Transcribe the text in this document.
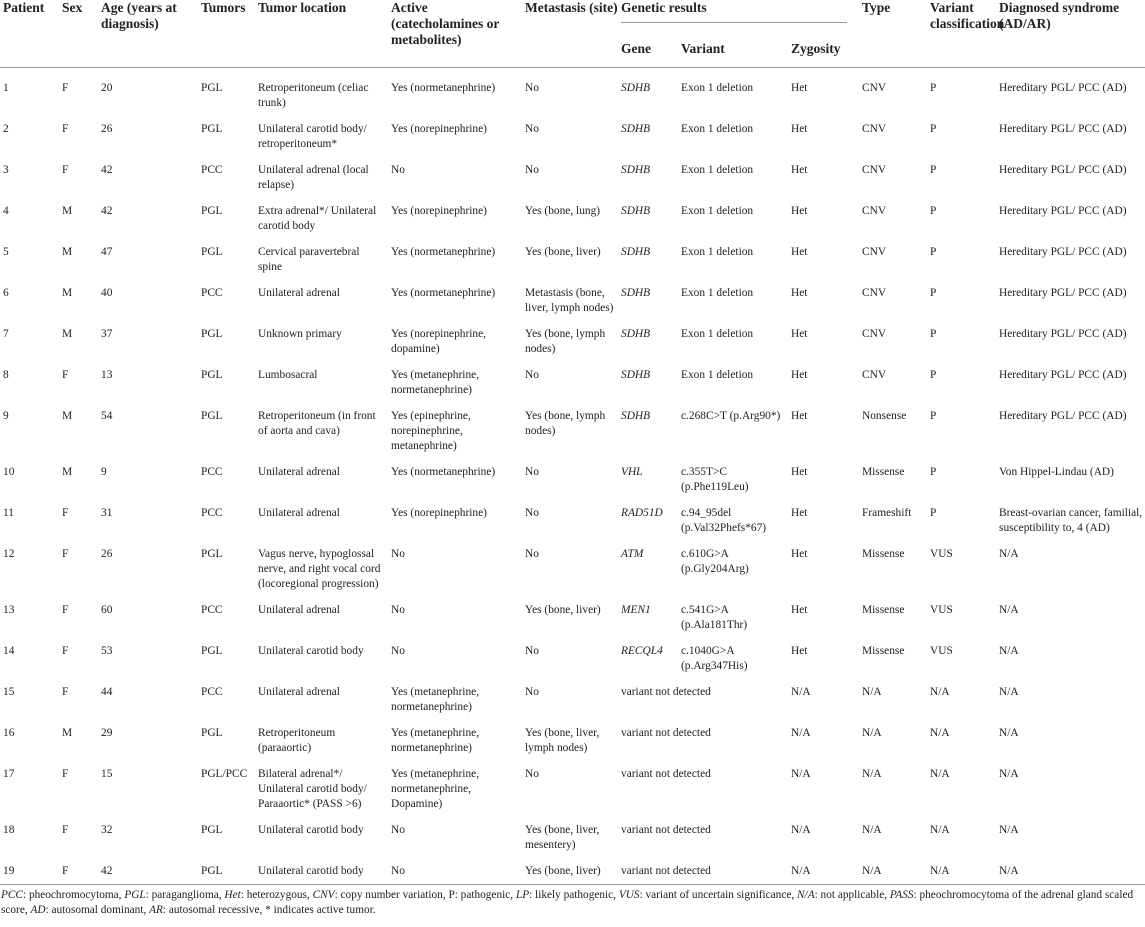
Patient	Sex	Age (years at diagnosis)	Tumors	Tumor location	Active (catecholamines or metabolites)	Metastasis (site)	Genetic results			Type	Variant classification	Diagnosed syndrome (AD/AR)
							Gene	Variant	Zygosity			
1	F	20	PGL	Retroperitoneum (celiac trunk)	Yes (normetanephrine)	No	SDHB	Exon 1 deletion	Het	CNV	P	Hereditary PGL/ PCC (AD)
2	F	26	PGL	Unilateral carotid body/ retroperitoneum*	Yes (norepinephrine)	No	SDHB	Exon 1 deletion	Het	CNV	P	Hereditary PGL/ PCC (AD)
3	F	42	PCC	Unilateral adrenal (local relapse)	No	No	SDHB	Exon 1 deletion	Het	CNV	P	Hereditary PGL/ PCC (AD)
4	M	42	PGL	Extra adrenal*/ Unilateral carotid body	Yes (norepinephrine)	Yes (bone, lung)	SDHB	Exon 1 deletion	Het	CNV	P	Hereditary PGL/ PCC (AD)
5	M	47	PGL	Cervical paravertebral spine	Yes (normetanephrine)	Yes (bone, liver)	SDHB	Exon 1 deletion	Het	CNV	P	Hereditary PGL/ PCC (AD)
6	M	40	PCC	Unilateral adrenal	Yes (normetanephrine)	Metastasis (bone, liver, lymph nodes)	SDHB	Exon 1 deletion	Het	CNV	P	Hereditary PGL/ PCC (AD)
7	M	37	PGL	Unknown primary	Yes (norepinephrine, dopamine)	Yes (bone, lymph nodes)	SDHB	Exon 1 deletion	Het	CNV	P	Hereditary PGL/ PCC (AD)
8	F	13	PGL	Lumbosacral	Yes (metanephrine, normetanephrine)	No	SDHB	Exon 1 deletion	Het	CNV	P	Hereditary PGL/ PCC (AD)
9	M	54	PGL	Retroperitoneum (in front of aorta and cava)	Yes (epinephrine, norepinephrine, metanephrine)	Yes (bone, lymph nodes)	SDHB	c.268C>T (p.Arg90*)	Het	Nonsense	P	Hereditary PGL/ PCC (AD)
10	M	9	PCC	Unilateral adrenal	Yes (normetanephrine)	No	VHL	c.355T>C (p.Phe119Leu)	Het	Missense	P	Von Hippel-Lindau (AD)
11	F	31	PCC	Unilateral adrenal	Yes (norepinephrine)	No	RAD51D	c.94_95del (p.Val32Phefs*67)	Het	Frameshift	P	Breast-ovarian cancer, familial, susceptibility to, 4 (AD)
12	F	26	PGL	Vagus nerve, hypoglossal nerve, and right vocal cord (locoregional progression)	No	No	ATM	c.610G>A (p.Gly204Arg)	Het	Missense	VUS	N/A
13	F	60	PCC	Unilateral adrenal	No	Yes (bone, liver)	MEN1	c.541G>A (p.Ala181Thr)	Het	Missense	VUS	N/A
14	F	53	PGL	Unilateral carotid body	No	No	RECQL4	c.1040G>A (p.Arg347His)	Het	Missense	VUS	N/A
15	F	44	PCC	Unilateral adrenal	Yes (metanephrine, normetanephrine)	No	variant not detected		N/A	N/A	N/A	N/A
16	M	29	PGL	Retroperitoneum (paraaortic)	Yes (metanephrine, normetanephrine)	Yes (bone, liver, lymph nodes)	variant not detected		N/A	N/A	N/A	N/A
17	F	15	PGL/PCC	Bilateral adrenal*/ Unilateral carotid body/ Paraaortic* (PASS >6)	Yes (metanephrine, normetanephrine, Dopamine)	No	variant not detected		N/A	N/A	N/A	N/A
18	F	32	PGL	Unilateral carotid body	No	Yes (bone, liver, mesentery)	variant not detected		N/A	N/A	N/A	N/A
19	F	42	PGL	Unilateral carotid body	No	Yes (bone, liver)	variant not detected		N/A	N/A	N/A	N/A
PCC: pheochromocytoma, PGL: paraganglioma, Het: heterozygous, CNV: copy number variation, P: pathogenic, LP: likely pathogenic, VUS: variant of uncertain significance, N/A: not applicable, PASS: pheochromocytoma of the adrenal gland scaled score, AD: autosomal dominant, AR: autosomal recessive, * indicates active tumor.
